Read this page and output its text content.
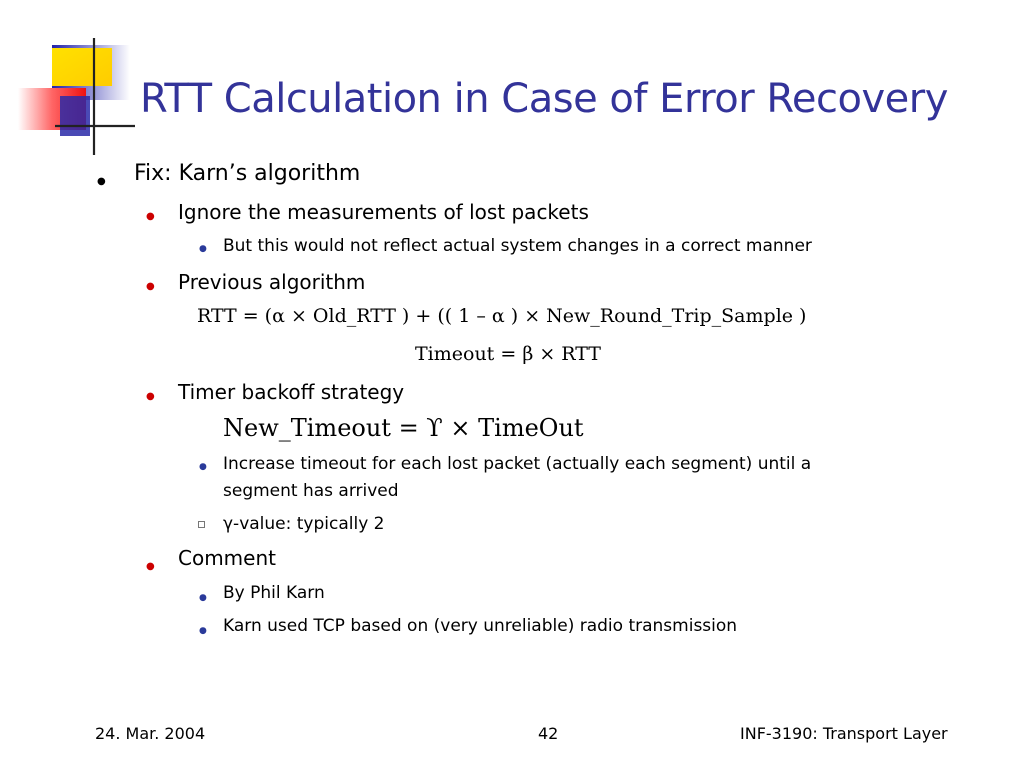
RTT Calculation in Case of Error Recovery
● Fix: Karn’s algorithm
● Ignore the measurements of lost packets
● But this would not reflect actual system changes in a correct manner
● Previous algorithm
RTT = (α × Old_RTT ) + (( 1 – α ) × New_Round_Trip_Sample )
Timeout = β × RTT
● Timer backoff strategy
New_Timeout = ϒ × TimeOut
● Increase timeout for each lost packet (actually each segment) until a
segment has arrived
γ-value: typically 2
● Comment
● By Phil Karn
● Karn used TCP based on (very unreliable) radio transmission
24. Mar. 2004	42	INF-3190: Transport Layer
